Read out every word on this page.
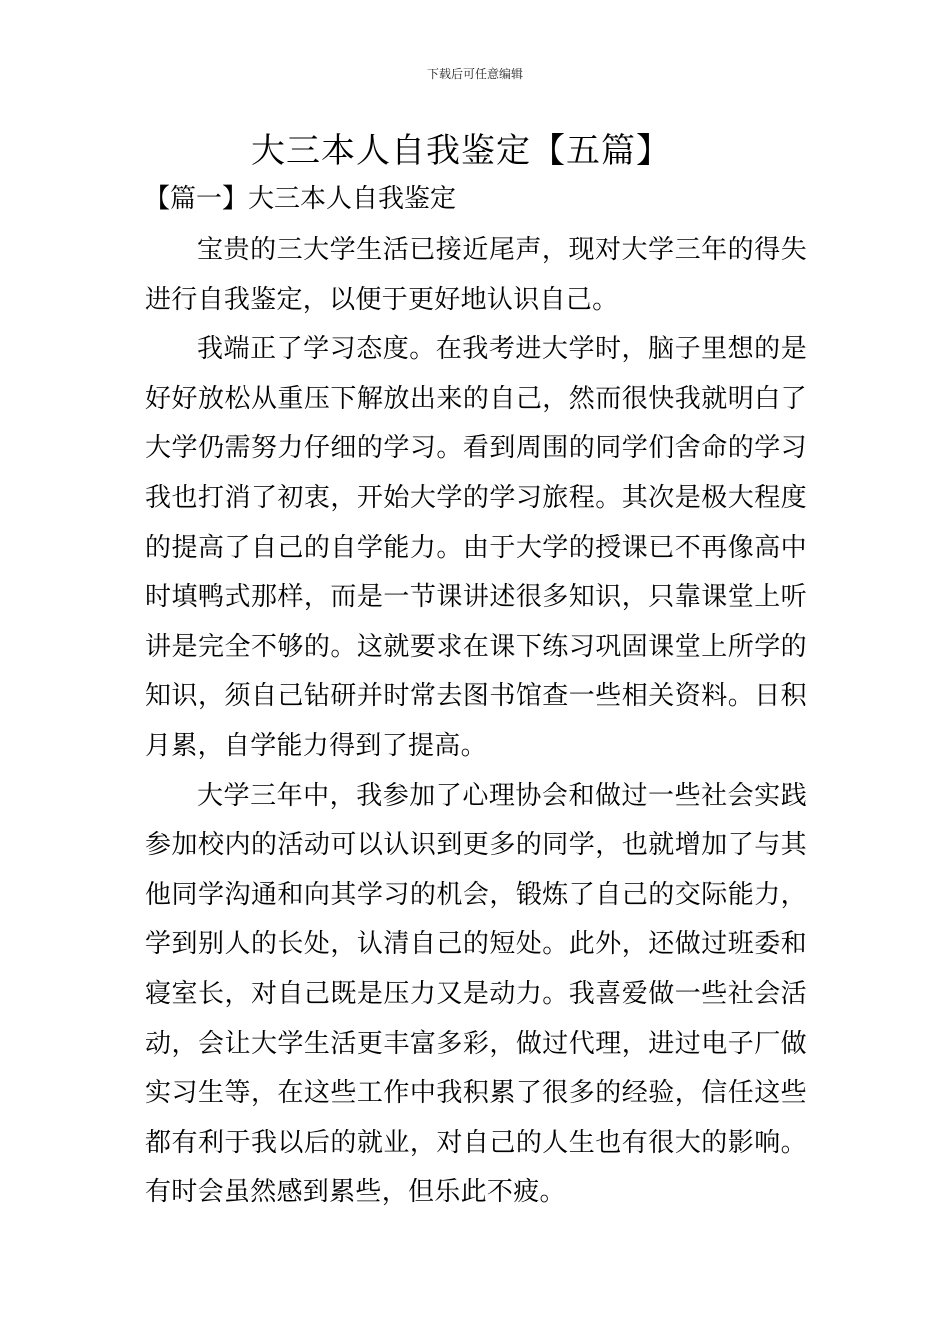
下载后可任意编辑
大三本人自我鉴定【五篇】
【篇一】大三本人自我鉴定

宝贵的三大学生活已接近尾声，现对大学三年的得失进行自我鉴定，以便于更好地认识自己。

我端正了学习态度。在我考进大学时，脑子里想的是好好放松从重压下解放出来的自己，然而很快我就明白了大学仍需努力仔细的学习。看到周围的同学们舍命的学习我也打消了初衷，开始大学的学习旅程。其次是极大程度的提高了自己的自学能力。由于大学的授课已不再像高中时填鸭式那样，而是一节课讲述很多知识，只靠课堂上听讲是完全不够的。这就要求在课下练习巩固课堂上所学的知识，须自己钻研并时常去图书馆查一些相关资料。日积月累，自学能力得到了提高。

大学三年中，我参加了心理协会和做过一些社会实践参加校内的活动可以认识到更多的同学，也就增加了与其他同学沟通和向其学习的机会，锻炼了自己的交际能力，学到别人的长处，认清自己的短处。此外，还做过班委和寝室长，对自己既是压力又是动力。我喜爱做一些社会活动，会让大学生活更丰富多彩，做过代理，进过电子厂做实习生等，在这些工作中我积累了很多的经验，信任这些都有利于我以后的就业，对自己的人生也有很大的影响。有时会虽然感到累些，但乐此不疲。
